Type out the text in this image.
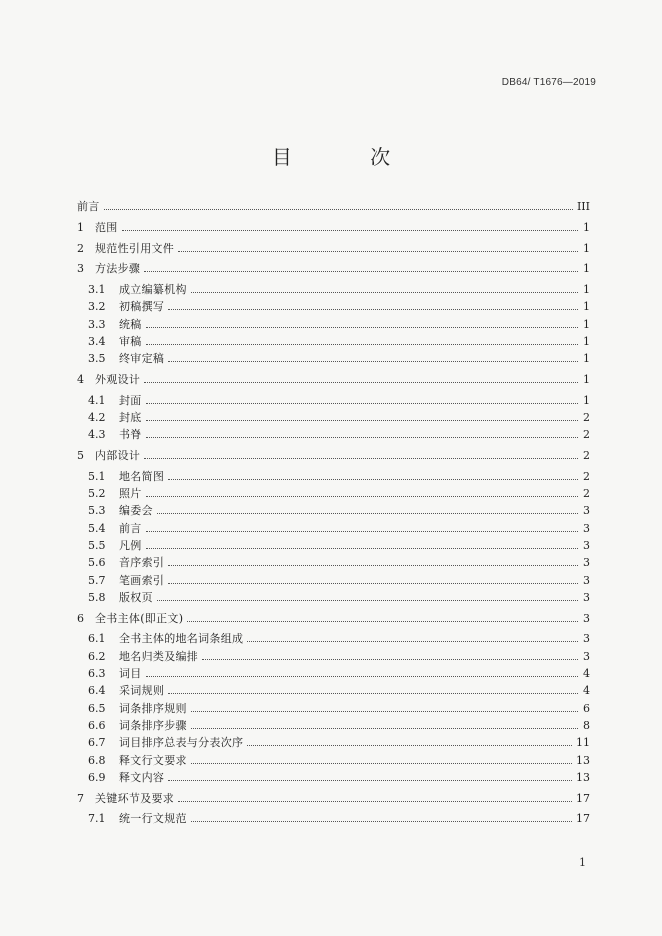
DB64/ T1676—2019
目 次
前言	III
1	范围	1
2	规范性引用文件	1
3	方法步骤	1
3.1	成立编纂机构	1
3.2	初稿撰写	1
3.3	统稿	1
3.4	审稿	1
3.5	终审定稿	1
4	外观设计	1
4.1	封面	1
4.2	封底	2
4.3	书脊	2
5	内部设计	2
5.1	地名简图	2
5.2	照片	2
5.3	编委会	3
5.4	前言	3
5.5	凡例	3
5.6	音序索引	3
5.7	笔画索引	3
5.8	版权页	3
6	全书主体(即正文)	3
6.1	全书主体的地名词条组成	3
6.2	地名归类及编排	3
6.3	词目	4
6.4	采词规则	4
6.5	词条排序规则	6
6.6	词条排序步骤	8
6.7	词目排序总表与分表次序	11
6.8	释文行文要求	13
6.9	释文内容	13
7	关键环节及要求	17
7.1	统一行文规范	17
1
